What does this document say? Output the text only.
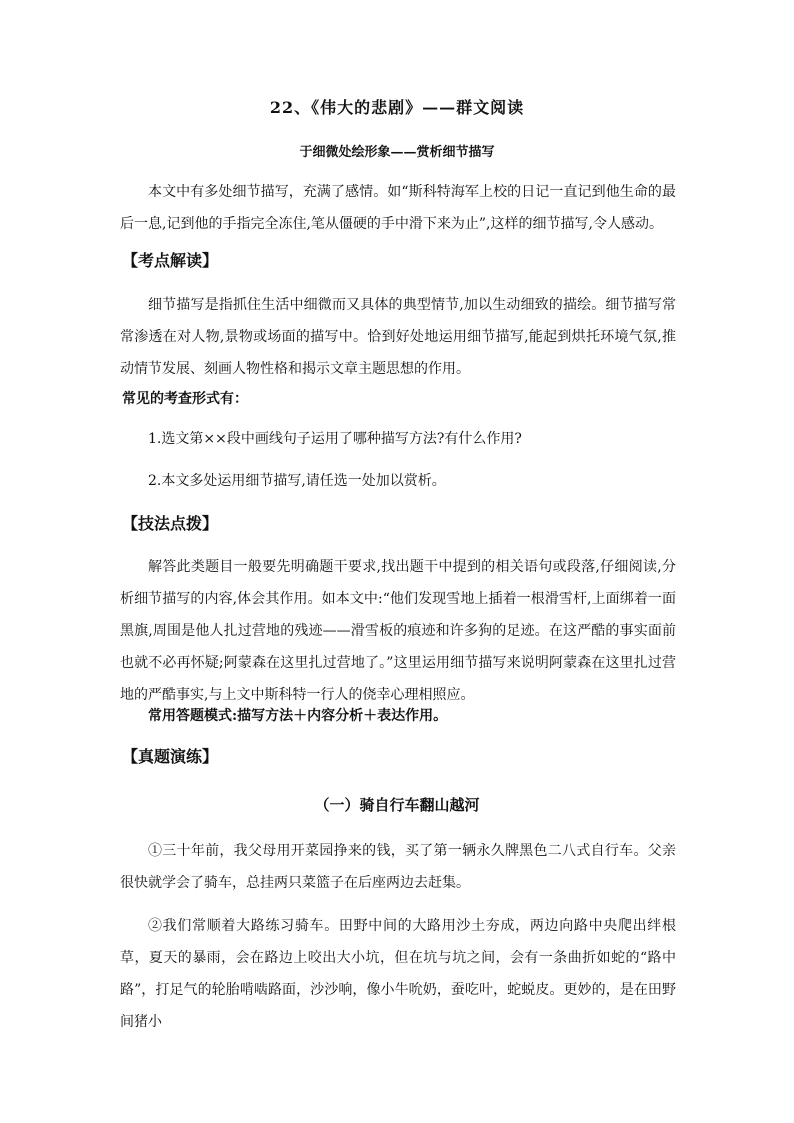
22、《伟大的悲剧》——群文阅读
于细微处绘形象——赏析细节描写
本文中有多处细节描写，充满了感情。如“斯科特海军上校的日记一直记到他生命的最后一息,记到他的手指完全冻住,笔从僵硬的手中滑下来为止”,这样的细节描写,令人感动。
【考点解读】
细节描写是指抓住生活中细微而又具体的典型情节,加以生动细致的描绘。细节描写常常渗透在对人物,景物或场面的描写中。恰到好处地运用细节描写,能起到烘托环境气氛,推动情节发展、刻画人物性格和揭示文章主题思想的作用。
常见的考查形式有：
1.选文第××段中画线句子运用了哪种描写方法?有什么作用?
2.本文多处运用细节描写,请任选一处加以赏析。
【技法点拨】
解答此类题目一般要先明确题干要求,找出题干中提到的相关语句或段落,仔细阅读,分析细节描写的内容,体会其作用。如本文中:“他们发现雪地上插着一根滑雪杆,上面绑着一面黑旗,周围是他人扎过营地的残迹——滑雪板的痕迹和许多狗的足迹。在这严酷的事实面前也就不必再怀疑;阿蒙森在这里扎过营地了。”这里运用细节描写来说明阿蒙森在这里扎过营地的严酷事实,与上文中斯科特一行人的侥幸心理相照应。
常用答题模式:描写方法＋内容分析＋表达作用。
【真题演练】
（一）骑自行车翻山越河
①三十年前，我父母用开菜园挣来的钱，买了第一辆永久牌黑色二八式自行车。父亲很快就学会了骑车，总挂两只菜篮子在后座两边去赶集。
②我们常顺着大路练习骑车。田野中间的大路用沙土夯成，两边向路中央爬出绊根草，夏天的暴雨，会在路边上咬出大小坑，但在坑与坑之间，会有一条曲折如蛇的“路中路”，打足气的轮胎啃啮路面，沙沙响，像小牛吮奶，蚕吃叶，蛇蜕皮。更妙的，是在田野间猪小
